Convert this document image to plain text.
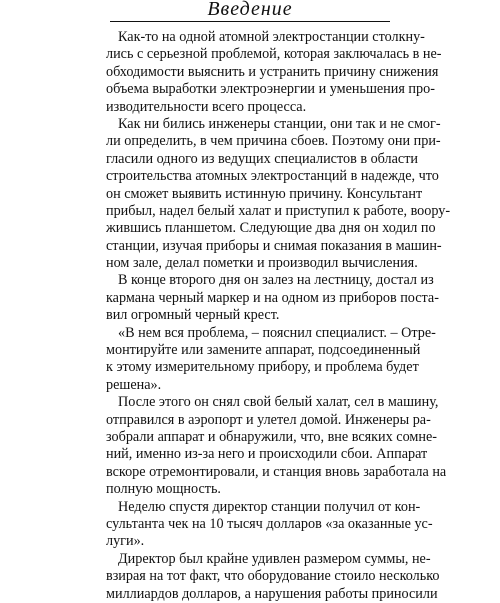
Введение
Как-то на одной атомной электростанции столкну-
лись с серьезной проблемой, которая заключалась в не-
обходимости выяснить и устранить причину снижения
объема выработки электроэнергии и уменьшения про-
изводительности всего процесса.
Как ни бились инженеры станции, они так и не смог-
ли определить, в чем причина сбоев. Поэтому они при-
гласили одного из ведущих специалистов в области
строительства атомных электростанций в надежде, что
он сможет выявить истинную причину. Консультант
прибыл, надел белый халат и приступил к работе, воору-
жившись планшетом. Следующие два дня он ходил по
станции, изучая приборы и снимая показания в машин-
ном зале, делал пометки и производил вычисления.
В конце второго дня он залез на лестницу, достал из
кармана черный маркер и на одном из приборов поста-
вил огромный черный крест.
«В нем вся проблема, – пояснил специалист. – Отре-
монтируйте или замените аппарат, подсоединенный
к этому измерительному прибору, и проблема будет
решена».
После этого он снял свой белый халат, сел в машину,
отправился в аэропорт и улетел домой. Инженеры ра-
зобрали аппарат и обнаружили, что, вне всяких сомне-
ний, именно из-за него и происходили сбои. Аппарат
вскоре отремонтировали, и станция вновь заработала на
полную мощность.
Неделю спустя директор станции получил от кон-
сультанта чек на 10 тысяч долларов «за оказанные ус-
луги».
Директор был крайне удивлен размером суммы, не-
взирая на тот факт, что оборудование стоило несколько
миллиардов долларов, а нарушения работы приносили
